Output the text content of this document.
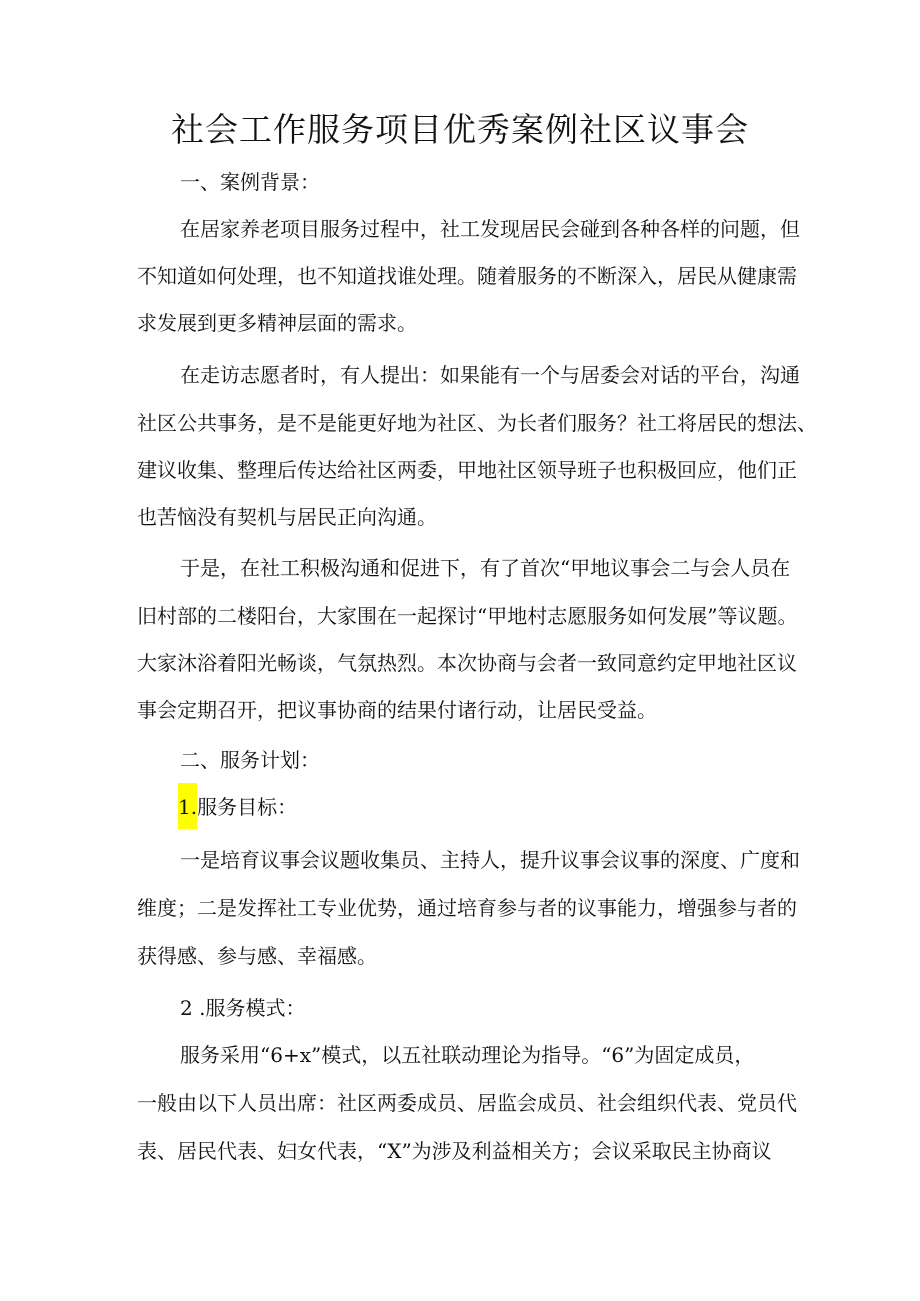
社会工作服务项目优秀案例社区议事会

一、案例背景：

在居家养老项目服务过程中，社工发现居民会碰到各种各样的问题，但

不知道如何处理，也不知道找谁处理。随着服务的不断深入，居民从健康需

求发展到更多精神层面的需求。

在走访志愿者时，有人提出：如果能有一个与居委会对话的平台，沟通

社区公共事务，是不是能更好地为社区、为长者们服务？社工将居民的想法、

建议收集、整理后传达给社区两委，甲地社区领导班子也积极回应，他们正

也苦恼没有契机与居民正向沟通。

于是，在社工积极沟通和促进下，有了首次“甲地议事会二与会人员在

旧村部的二楼阳台，大家围在一起探讨“甲地村志愿服务如何发展”等议题。

大家沐浴着阳光畅谈，气氛热烈。本次协商与会者一致同意约定甲地社区议

事会定期召开，把议事协商的结果付诸行动，让居民受益。

二、服务计划：

1.服务目标：

一是培育议事会议题收集员、主持人，提升议事会议事的深度、广度和

维度；二是发挥社工专业优势，通过培育参与者的议事能力，增强参与者的

获得感、参与感、幸福感。

2 .服务模式：

服务采用“6+x”模式，以五社联动理论为指导。“6”为固定成员，

一般由以下人员出席：社区两委成员、居监会成员、社会组织代表、党员代

表、居民代表、妇女代表，“X”为涉及利益相关方；会议采取民主协商议
